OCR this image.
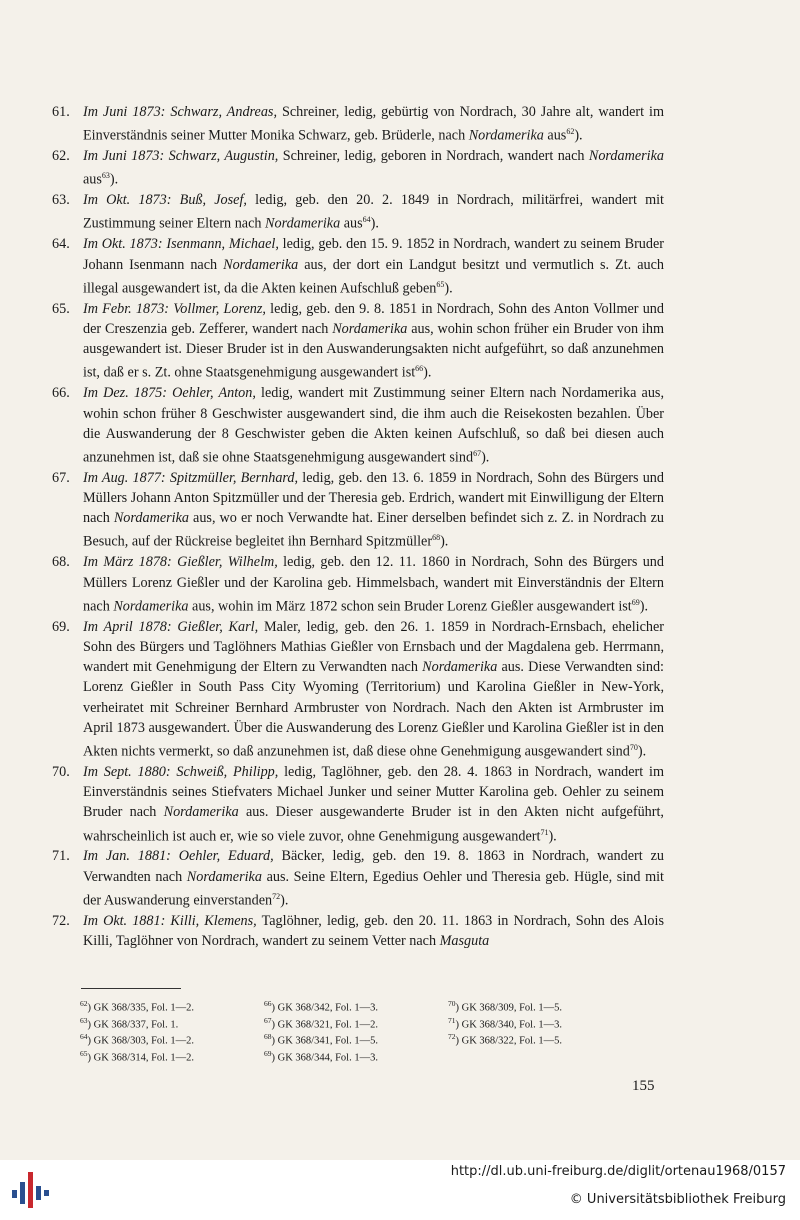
61. Im Juni 1873: Schwarz, Andreas, Schreiner, ledig, gebürtig von Nordrach, 30 Jahre alt, wandert im Einverständnis seiner Mutter Monika Schwarz, geb. Brüderle, nach Nordamerika aus$^{62}$).
62. Im Juni 1873: Schwarz, Augustin, Schreiner, ledig, geboren in Nordrach, wandert nach Nordamerika aus$^{63}$).
63. Im Okt. 1873: Buß, Josef, ledig, geb. den 20. 2. 1849 in Nordrach, militärfrei, wandert mit Zustimmung seiner Eltern nach Nordamerika aus$^{64}$).
64. Im Okt. 1873: Isenmann, Michael, ledig, geb. den 15. 9. 1852 in Nordrach, wandert zu seinem Bruder Johann Isenmann nach Nordamerika aus, der dort ein Landgut besitzt und vermutlich s. Zt. auch illegal ausgewandert ist, da die Akten keinen Aufschluß geben$^{65}$).
65. Im Febr. 1873: Vollmer, Lorenz, ledig, geb. den 9. 8. 1851 in Nordrach, Sohn des Anton Vollmer und der Creszenzia geb. Zefferer, wandert nach Nordamerika aus, wohin schon früher ein Bruder von ihm ausgewandert ist. Dieser Bruder ist in den Auswanderungsakten nicht aufgeführt, so daß anzunehmen ist, daß er s. Zt. ohne Staatsgenehmigung ausgewandert ist$^{66}$).
66. Im Dez. 1875: Oehler, Anton, ledig, wandert mit Zustimmung seiner Eltern nach Nordamerika aus, wohin schon früher 8 Geschwister ausgewandert sind, die ihm auch die Reisekosten bezahlen. Über die Auswanderung der 8 Geschwister geben die Akten keinen Aufschluß, so daß bei diesen auch anzunehmen ist, daß sie ohne Staatsgenehmigung ausgewandert sind$^{67}$).
67. Im Aug. 1877: Spitzmüller, Bernhard, ledig, geb. den 13. 6. 1859 in Nordrach, Sohn des Bürgers und Müllers Johann Anton Spitzmüller und der Theresia geb. Erdrich, wandert mit Einwilligung der Eltern nach Nordamerika aus, wo er noch Verwandte hat. Einer derselben befindet sich z. Z. in Nordrach zu Besuch, auf der Rückreise begleitet ihn Bernhard Spitzmüller$^{68}$).
68. Im März 1878: Gießler, Wilhelm, ledig, geb. den 12. 11. 1860 in Nordrach, Sohn des Bürgers und Müllers Lorenz Gießler und der Karolina geb. Himmelsbach, wandert mit Einverständnis der Eltern nach Nordamerika aus, wohin im März 1872 schon sein Bruder Lorenz Gießler ausgewandert ist$^{69}$).
69. Im April 1878: Gießler, Karl, Maler, ledig, geb. den 26. 1. 1859 in Nordrach-Ernsbach, ehelicher Sohn des Bürgers und Taglöhners Mathias Gießler von Ernsbach und der Magdalena geb. Herrmann, wandert mit Genehmigung der Eltern zu Verwandten nach Nordamerika aus. Diese Verwandten sind: Lorenz Gießler in South Pass City Wyoming (Territorium) und Karolina Gießler in New-York, verheiratet mit Schreiner Bernhard Armbruster von Nordrach. Nach den Akten ist Armbruster im April 1873 ausgewandert. Über die Auswanderung des Lorenz Gießler und Karolina Gießler ist in den Akten nichts vermerkt, so daß anzunehmen ist, daß diese ohne Genehmigung ausgewandert sind$^{70}$).
70. Im Sept. 1880: Schweiß, Philipp, ledig, Taglöhner, geb. den 28. 4. 1863 in Nordrach, wandert im Einverständnis seines Stiefvaters Michael Junker und seiner Mutter Karolina geb. Oehler zu seinem Bruder nach Nordamerika aus. Dieser ausgewanderte Bruder ist in den Akten nicht aufgeführt, wahrscheinlich ist auch er, wie so viele zuvor, ohne Genehmigung ausgewandert$^{71}$).
71. Im Jan. 1881: Oehler, Eduard, Bäcker, ledig, geb. den 19. 8. 1863 in Nordrach, wandert zu Verwandten nach Nordamerika aus. Seine Eltern, Egedius Oehler und Theresia geb. Hügle, sind mit der Auswanderung einverstanden$^{72}$).
72. Im Okt. 1881: Killi, Klemens, Taglöhner, ledig, geb. den 20. 11. 1863 in Nordrach, Sohn des Alois Killi, Taglöhner von Nordrach, wandert zu seinem Vetter nach Masguta
$^{62}$) GK 368/335, Fol. 1—2.
$^{63}$) GK 368/337, Fol. 1.
$^{64}$) GK 368/303, Fol. 1—2.
$^{65}$) GK 368/314, Fol. 1—2.
$^{66}$) GK 368/342, Fol. 1—3.
$^{67}$) GK 368/321, Fol. 1—2.
$^{68}$) GK 368/341, Fol. 1—5.
$^{69}$) GK 368/344, Fol. 1—3.
$^{70}$) GK 368/309, Fol. 1—5.
$^{71}$) GK 368/340, Fol. 1—3.
$^{72}$) GK 368/322, Fol. 1—5.
155
http://dl.ub.uni-freiburg.de/diglit/ortenau1968/0157
© Universitätsbibliothek Freiburg
